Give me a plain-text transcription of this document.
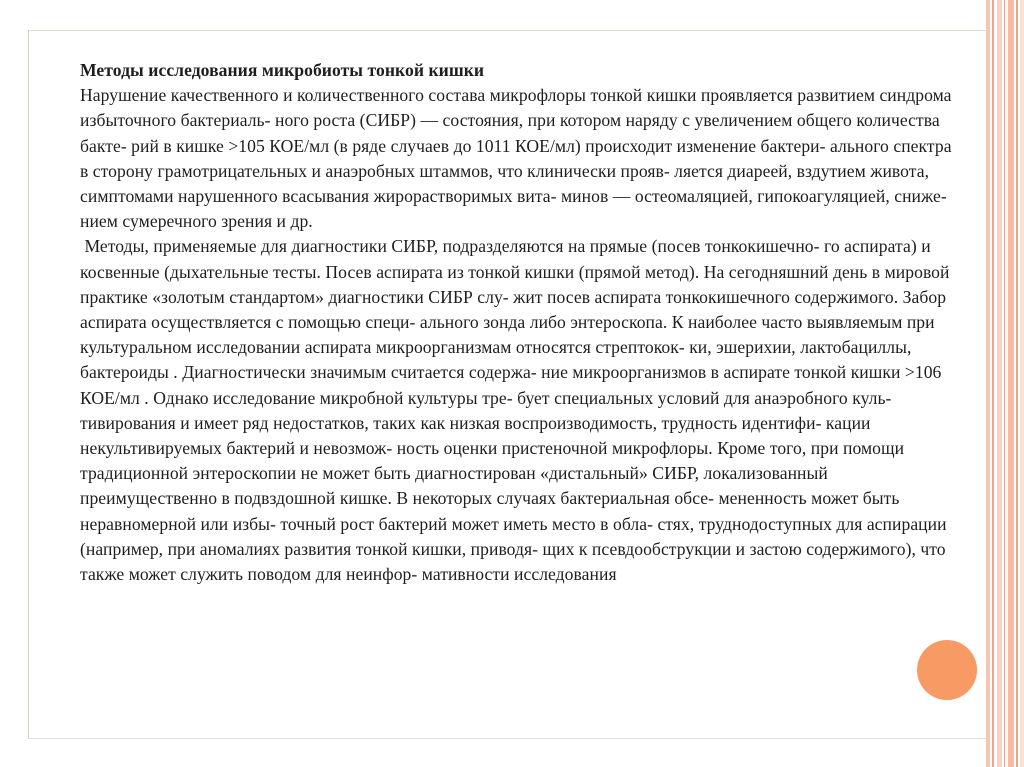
Методы исследования микробиоты тонкой кишки

Нарушение качественного и количественного состава микрофлоры тонкой кишки проявляется развитием синдрома избыточного бактериаль- ного роста (СИБР) — состояния, при котором наряду с увеличением общего количества бакте- рий в кишке >105 КОЕ/мл (в ряде случаев до 1011 КОЕ/мл) происходит изменение бактери- ального спектра в сторону грамотрицательных и анаэробных штаммов, что клинически прояв- ляется диареей, вздутием живота, симптомами нарушенного всасывания жирорастворимых вита- минов — остеомаляцией, гипокоагуляцией, сниже- нием сумеречного зрения и др.

Методы, применяемые для диагностики СИБР, подразделяются на прямые (посев тонкокишечно- го аспирата) и косвенные (дыхательные тесты. Посев аспирата из тонкой кишки (прямой метод). На сегодняшний день в мировой практике «золотым стандартом» диагностики СИБР слу- жит посев аспирата тонкокишечного содержимого. Забор аспирата осуществляется с помощью специ- ального зонда либо энтероскопа. К наиболее часто выявляемым при культуральном исследовании аспирата микроорганизмам относятся стрептокок- ки, эшерихии, лактобациллы, бактероиды . Диагностически значимым считается содержа- ние микроорганизмов в аспирате тонкой кишки >106 КОЕ/мл . Однако исследование микробной культуры тре- бует специальных условий для анаэробного куль- тивирования и имеет ряд недостатков, таких как низкая воспроизводимость, трудность идентифи- кации некультивируемых бактерий и невозмож- ность оценки пристеночной микрофлоры. Кроме того, при помощи традиционной энтероскопии не может быть диагностирован «дистальный» СИБР, локализованный преимущественно в подвздошной кишке. В некоторых случаях бактериальная обсе- мененность может быть неравномерной или избы- точный рост бактерий может иметь место в обла- стях, труднодоступных для аспирации (например, при аномалиях развития тонкой кишки, приводя- щих к псевдообструкции и застою содержимого), что также может служить поводом для неинфор- мативности исследования
